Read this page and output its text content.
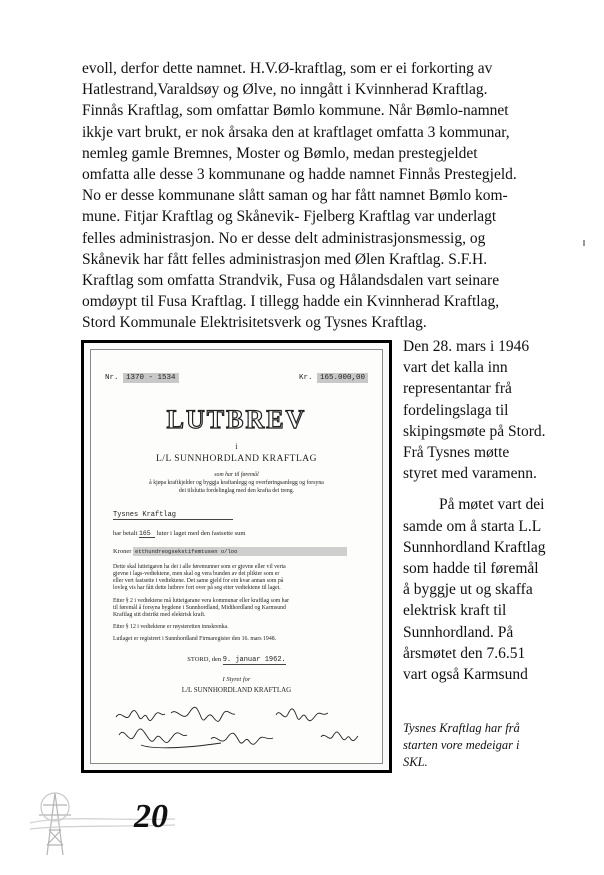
evoll, derfor dette namnet. H.V.Ø-kraftlag, som er ei forkorting av
Hatlestrand,Varaldsøy og Ølve, no inngått i Kvinnherad Kraftlag.
Finnås Kraftlag, som omfattar Bømlo kommune. Når Bømlo-namnet
ikkje vart brukt, er nok årsaka den at kraftlaget omfatta 3 kommunar,
nemleg gamle Bremnes, Moster og Bømlo, medan prestegjeldet
omfatta alle desse 3 kommunane og hadde namnet Finnås Prestegjeld.
No er desse kommunane slått saman og har fått namnet Bømlo kom-
mune. Fitjar Kraftlag og Skånevik- Fjelberg Kraftlag var underlagt
felles administrasjon. No er desse delt administrasjonsmessig, og
Skånevik har fått felles administrasjon med Ølen Kraftlag. S.F.H.
Kraftlag som omfatta Strandvik, Fusa og Hålandsdalen vart seinare
omdøypt til Fusa Kraftlag. I tillegg hadde ein Kvinnherad Kraftlag,
Stord Kommunale Elektrisitetsverk og Tysnes Kraftlag.
Nr. 1370 - 1534	Kr. 165.000,00
LUTBREV
i
L/L SUNNHORDLAND KRAFTLAG
som har til føremål
å kjøpa kraftkjelder og byggja kraftanlegg og overføringsanlegg og forsyna
dei tilslutta fordelinglag med den krafta dei treng.
Tysnes Kraftlag
har betalt 165 luter i laget med den fastsette sum
Kroner etthundreogsekstifemtusen o/loo
Dette skal lutteigaren ha dei i alle føremunner som er gjevne eller vil verta
gjevne i lags-vedtektene, men skal og vera bunden av dei plikter som er
eller vert fastsette i vedtektene. Det same gjeld for ein kvar annan som på
lovleg vis har fått dette lutbrev fort over på seg etter vedtektene til laget.
Etter § 2 i vedtektene må lutteigarane vera kommunar eller kraftlag som har
til føremål å forsyna bygdene i Sunnhordland, Midthordland og Karmsund
Kraftlag sitt distrikt med elektrisk kraft.
Etter § 12 i vedtektene er røysteretten innskrenka.
Lutlaget er registrert i Sunnhordland Firmaregister den 16. mars 1948.
STORD, den 9. januar 1962.
I Styret for
L/L SUNNHORDLAND KRAFTLAG
Den 28. mars i 1946
vart det kalla inn
representantar frå
fordelingslaga til
skipingsmøte på Stord.
Frå Tysnes møtte
styret med varamenn.
På møtet vart dei
samde om å starta L.L
Sunnhordland Kraftlag
som hadde til føremål
å byggje ut og skaffa
elektrisk kraft til
Sunnhordland. På
årsmøtet den 7.6.51
vart også Karmsund
Tysnes Kraftlag har frå
starten vore medeigar i
SKL.
20
